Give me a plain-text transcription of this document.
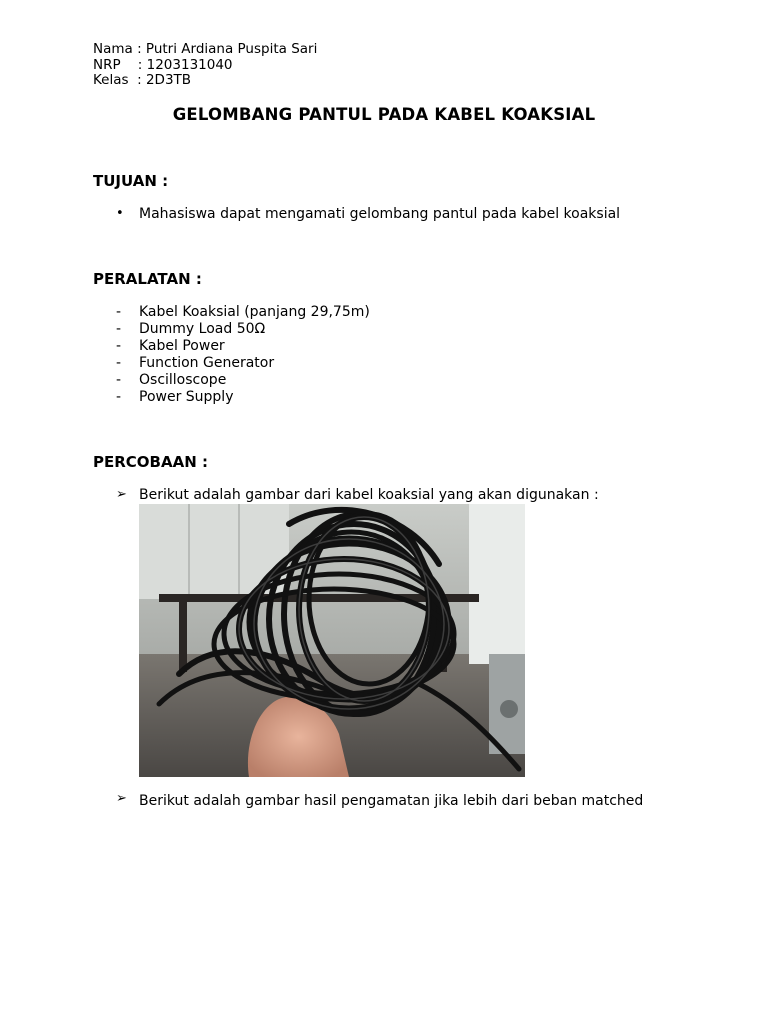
Nama : Putri Ardiana Puspita Sari
NRP    : 1203131040
Kelas  : 2D3TB
GELOMBANG PANTUL PADA KABEL KOAKSIAL
TUJUAN :
•	Mahasiswa dapat mengamati gelombang pantul pada kabel koaksial
PERALATAN :
-	Kabel Koaksial (panjang 29,75m)
-	Dummy Load 50Ω
-	Kabel Power
-	Function Generator
-	Oscilloscope
-	Power Supply
PERCOBAAN :
➢ Berikut adalah gambar dari kabel koaksial yang akan digunakan :
➢ Berikut adalah gambar hasil pengamatan jika lebih dari beban matched
